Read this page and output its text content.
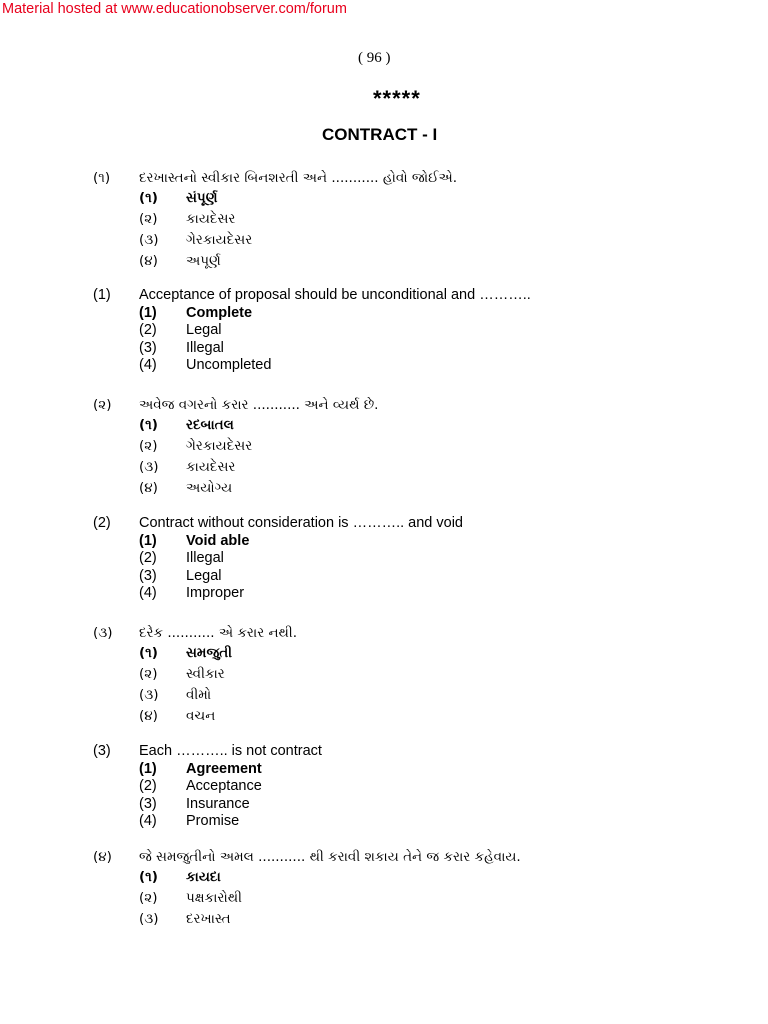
Material hosted at www.educationobserver.com/forum
( 96 )
*****
CONTRACT - I
(૧) દરખાસ્તનો સ્વીકાર બિનશરતી અને ........... હોવો જોઈએ.
(૧) સંપૂર્ણ
(૨) કાયદેસર
(૩) ગેરકાયદેસર
(૪) અપૂર્ણ
(1) Acceptance of proposal should be unconditional and ………..
(1) Complete
(2) Legal
(3) Illegal
(4) Uncompleted
(૨) અવેજ વગરનો કરાર ........... અને વ્યર્થ છે.
(૧) રદબાતલ
(૨) ગેરકાયદેસર
(૩) કાયદેસર
(૪) અયોગ્ય
(2) Contract without consideration is ……….. and void
(1) Void able
(2) Illegal
(3) Legal
(4) Improper
(૩) દરેક ........... એ કરાર નથી.
(૧) સમજુતી
(૨) સ્વીકાર
(૩) વીમો
(૪) વચન
(3) Each ……….. is not contract
(1) Agreement
(2) Acceptance
(3) Insurance
(4) Promise
(૪) જે સમજુતીનો અમલ ........... થી કરાવી શકાય તેને જ કરાર કહેવાય.
(૧) કાયદા
(૨) પક્ષકારોથી
(૩) દરખાસ્ત
